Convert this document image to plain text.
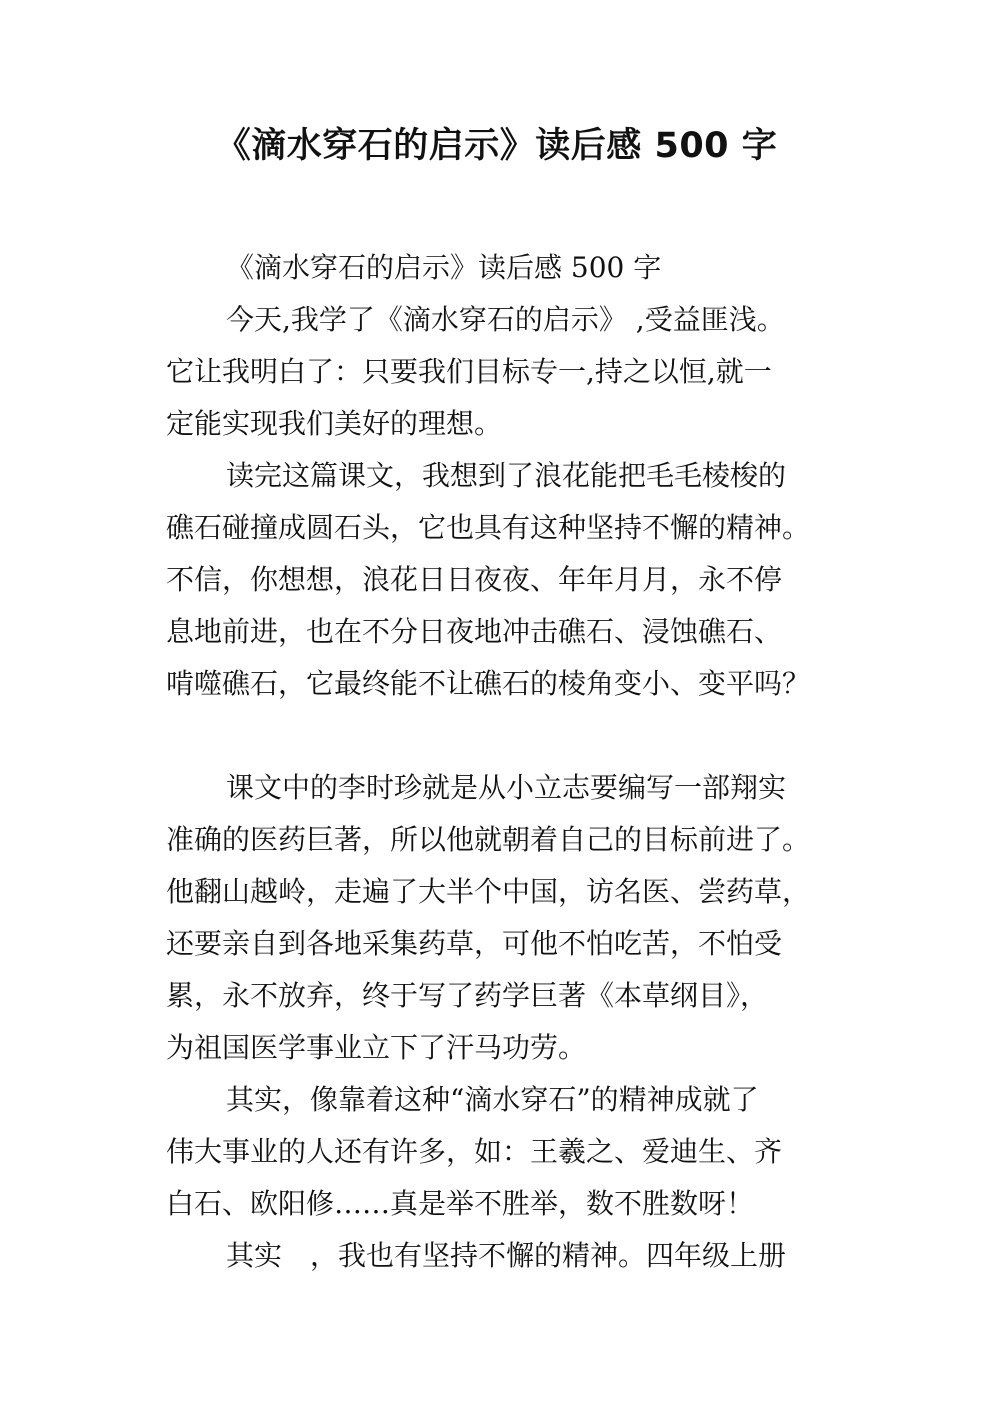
《滴水穿石的启示》读后感 500 字
《滴水穿石的启示》读后感 500 字
今天,我学了《滴水穿石的启示》 ,受益匪浅。
它让我明白了：只要我们目标专一,持之以恒,就一
定能实现我们美好的理想。
读完这篇课文，我想到了浪花能把毛毛棱梭的
礁石碰撞成圆石头，它也具有这种坚持不懈的精神。
不信，你想想，浪花日日夜夜、年年月月，永不停
息地前进，也在不分日夜地冲击礁石、浸蚀礁石、
啃噬礁石，它最终能不让礁石的棱角变小、变平吗？
课文中的李时珍就是从小立志要编写一部翔实
准确的医药巨著，所以他就朝着自己的目标前进了。
他翻山越岭，走遍了大半个中国，访名医、尝药草，
还要亲自到各地采集药草，可他不怕吃苦，不怕受
累，永不放弃，终于写了药学巨著《本草纲目》，
为祖国医学事业立下了汗马功劳。
其实，像靠着这种“滴水穿石”的精神成就了
伟大事业的人还有许多，如：王羲之、爱迪生、齐
白石、欧阳修……真是举不胜举，数不胜数呀！
其实　，我也有坚持不懈的精神。四年级上册
